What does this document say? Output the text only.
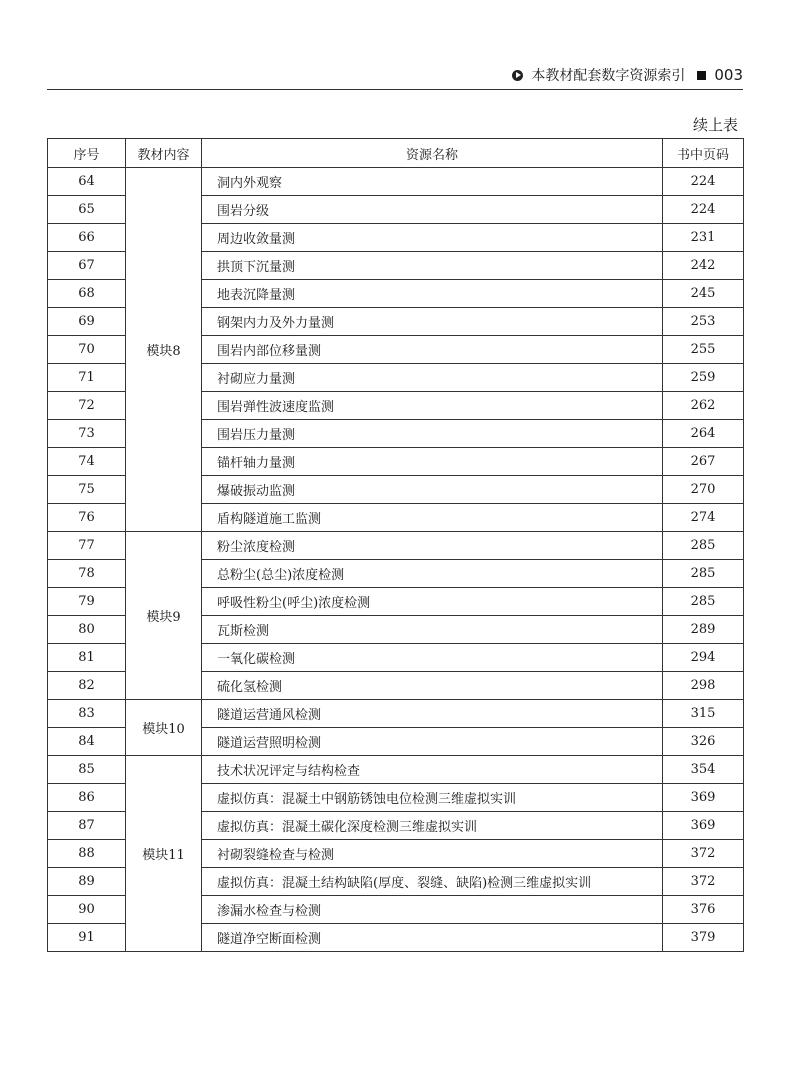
本教材配套数字资源索引 003
续上表
序号	教材内容	资源名称	书中页码
64	模块8	洞内外观察	224
65		围岩分级	224
66		周边收敛量测	231
67		拱顶下沉量测	242
68		地表沉降量测	245
69		钢架内力及外力量测	253
70		围岩内部位移量测	255
71		衬砌应力量测	259
72		围岩弹性波速度监测	262
73		围岩压力量测	264
74		锚杆轴力量测	267
75		爆破振动监测	270
76		盾构隧道施工监测	274
77	模块9	粉尘浓度检测	285
78		总粉尘(总尘)浓度检测	285
79		呼吸性粉尘(呼尘)浓度检测	285
80		瓦斯检测	289
81		一氧化碳检测	294
82		硫化氢检测	298
83	模块10	隧道运营通风检测	315
84		隧道运营照明检测	326
85	模块11	技术状况评定与结构检查	354
86		虚拟仿真：混凝土中钢筋锈蚀电位检测三维虚拟实训	369
87		虚拟仿真：混凝土碳化深度检测三维虚拟实训	369
88		衬砌裂缝检查与检测	372
89		虚拟仿真：混凝土结构缺陷(厚度、裂缝、缺陷)检测三维虚拟实训	372
90		渗漏水检查与检测	376
91		隧道净空断面检测	379
